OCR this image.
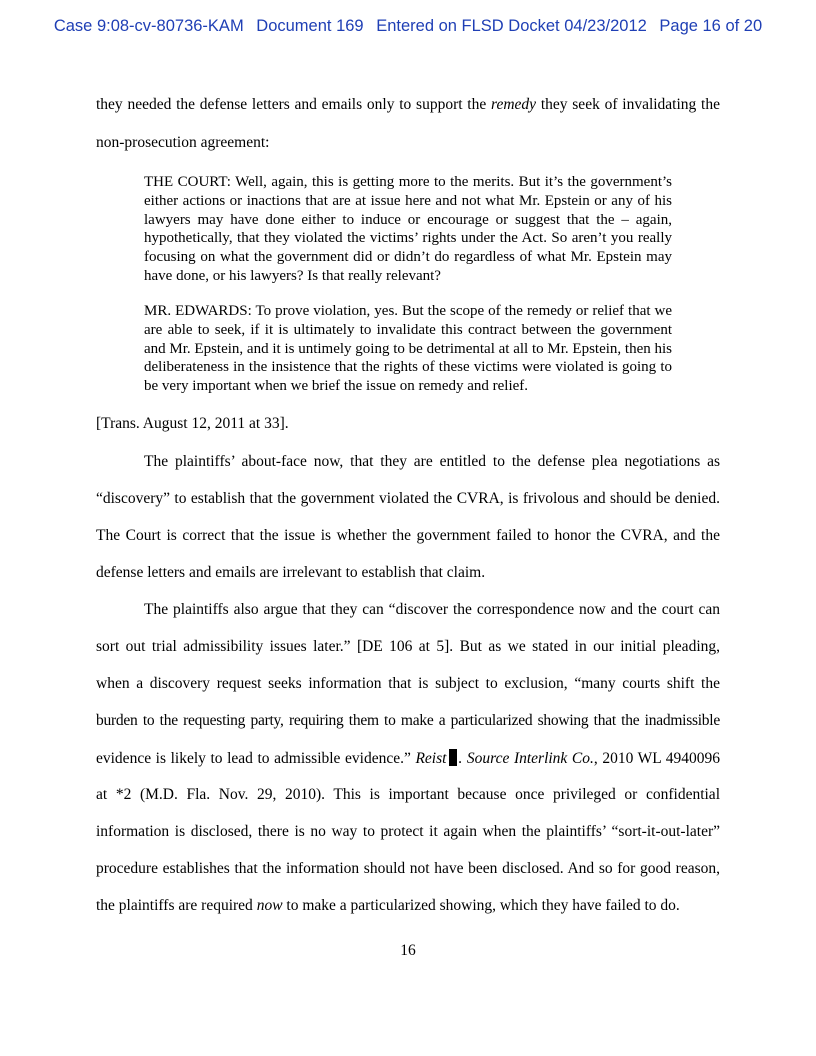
Case 9:08-cv-80736-KAM Document 169 Entered on FLSD Docket 04/23/2012 Page 16 of 20
they needed the defense letters and emails only to support the remedy they seek of invalidating the
non-prosecution agreement:

THE COURT: Well, again, this is getting more to the merits. But it’s the government’s either actions or inactions that are at issue here and not what Mr. Epstein or any of his lawyers may have done either to induce or encourage or suggest that the – again, hypothetically, that they violated the victims’ rights under the Act. So aren’t you really focusing on what the government did or didn’t do regardless of what Mr. Epstein may have done, or his lawyers? Is that really relevant?

MR. EDWARDS: To prove violation, yes. But the scope of the remedy or relief that we are able to seek, if it is ultimately to invalidate this contract between the government and Mr. Epstein, and it is untimely going to be detrimental at all to Mr. Epstein, then his deliberateness in the insistence that the rights of these victims were violated is going to be very important when we brief the issue on remedy and relief.

[Trans. August 12, 2011 at 33].
The plaintiffs’ about-face now, that they are entitled to the defense plea negotiations as
“discovery” to establish that the government violated the CVRA, is frivolous and should be denied.
The Court is correct that the issue is whether the government failed to honor the CVRA, and the
defense letters and emails are irrelevant to establish that claim.
The plaintiffs also argue that they can “discover the correspondence now and the court can
sort out trial admissibility issues later.” [DE 106 at 5]. But as we stated in our initial pleading,
when a discovery request seeks information that is subject to exclusion, “many courts shift the
burden to the requesting party, requiring them to make a particularized showing that the inadmissible
evidence is likely to lead to admissible evidence.” Reist . Source Interlink Co., 2010 WL 4940096
at *2 (M.D. Fla. Nov. 29, 2010). This is important because once privileged or confidential
information is disclosed, there is no way to protect it again when the plaintiffs’ “sort-it-out-later”
procedure establishes that the information should not have been disclosed. And so for good reason,
the plaintiffs are required now to make a particularized showing, which they have failed to do.
16
